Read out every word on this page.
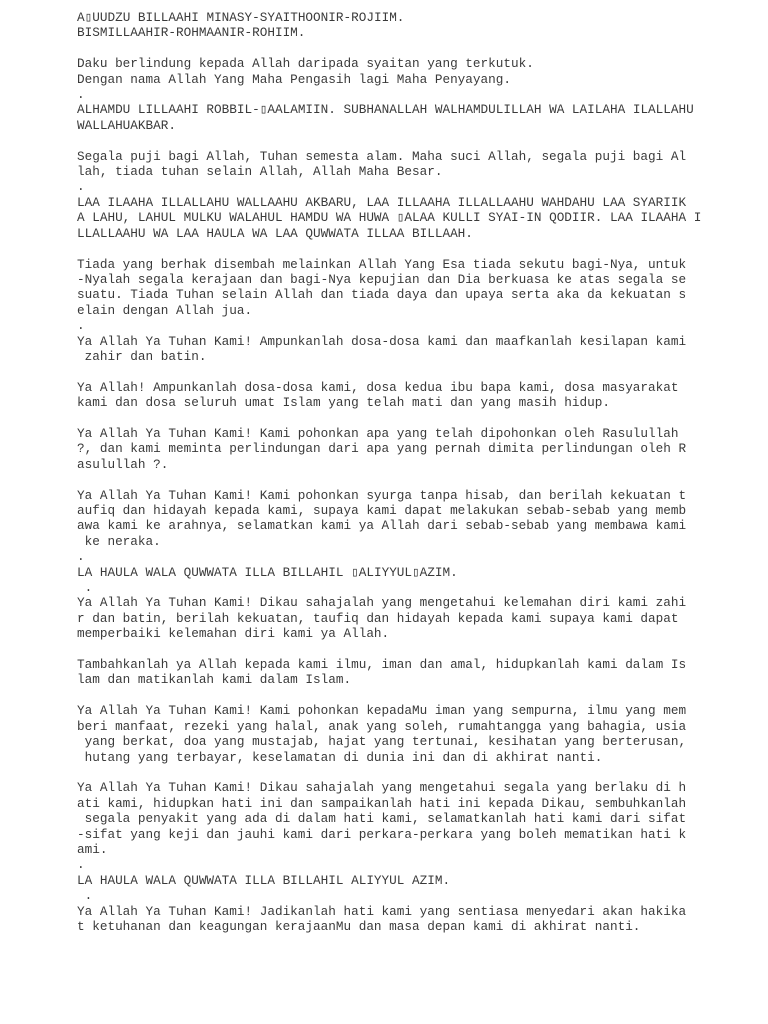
A▯UUDZU BILLAAHI MINASY-SYAITHOONIR-ROJIIM.
BISMILLAAHIR-ROHMAANIR-ROHIIM.
Daku berlindung kepada Allah daripada syaitan yang terkutuk.
Dengan nama Allah Yang Maha Pengasih lagi Maha Penyayang.
.
ALHAMDU LILLAAHI ROBBIL-▯AALAMIIN. SUBHANALLAH WALHAMDULILLAH WA LAILAHA ILALLAHU
WALLAHUAKBAR.
Segala puji bagi Allah, Tuhan semesta alam. Maha suci Allah, segala puji bagi Al
lah, tiada tuhan selain Allah, Allah Maha Besar.
.
LAA ILAAHA ILLALLAHU WALLAAHU AKBARU, LAA ILLAAHA ILLALLAAHU WAHDAHU LAA SYARIIK
A LAHU, LAHUL MULKU WALAHUL HAMDU WA HUWA ▯ALAA KULLI SYAI-IN QODIIR. LAA ILAAHA I
LLALLAAHU WA LAA HAULA WA LAA QUWWATA ILLAA BILLAAH.
Tiada yang berhak disembah melainkan Allah Yang Esa tiada sekutu bagi-Nya, untuk
-Nyalah segala kerajaan dan bagi-Nya kepujian dan Dia berkuasa ke atas segala se
suatu. Tiada Tuhan selain Allah dan tiada daya dan upaya serta aka da kekuatan s
elain dengan Allah jua.
.
Ya Allah Ya Tuhan Kami! Ampunkanlah dosa-dosa kami dan maafkanlah kesilapan kami
zahir dan batin.
Ya Allah! Ampunkanlah dosa-dosa kami, dosa kedua ibu bapa kami, dosa masyarakat
kami dan dosa seluruh umat Islam yang telah mati dan yang masih hidup.
Ya Allah Ya Tuhan Kami! Kami pohonkan apa yang telah dipohonkan oleh Rasulullah
?, dan kami meminta perlindungan dari apa yang pernah dimita perlindungan oleh R
asulullah ?.
Ya Allah Ya Tuhan Kami! Kami pohonkan syurga tanpa hisab, dan berilah kekuatan t
aufiq dan hidayah kepada kami, supaya kami dapat melakukan sebab-sebab yang memb
awa kami ke arahnya, selamatkan kami ya Allah dari sebab-sebab yang membawa kami
ke neraka.
.
LA HAULA WALA QUWWATA ILLA BILLAHIL ▯ALIYYUL▯AZIM.
.
Ya Allah Ya Tuhan Kami! Dikau sahajalah yang mengetahui kelemahan diri kami zahi
r dan batin, berilah kekuatan, taufiq dan hidayah kepada kami supaya kami dapat
memperbaiki kelemahan diri kami ya Allah.
Tambahkanlah ya Allah kepada kami ilmu, iman dan amal, hidupkanlah kami dalam Is
lam dan matikanlah kami dalam Islam.
Ya Allah Ya Tuhan Kami! Kami pohonkan kepadaMu iman yang sempurna, ilmu yang mem
beri manfaat, rezeki yang halal, anak yang soleh, rumahtangga yang bahagia, usia
yang berkat, doa yang mustajab, hajat yang tertunai, kesihatan yang berterusan,
hutang yang terbayar, keselamatan di dunia ini dan di akhirat nanti.
Ya Allah Ya Tuhan Kami! Dikau sahajalah yang mengetahui segala yang berlaku di h
ati kami, hidupkan hati ini dan sampaikanlah hati ini kepada Dikau, sembuhkanlah
segala penyakit yang ada di dalam hati kami, selamatkanlah hati kami dari sifat
-sifat yang keji dan jauhi kami dari perkara-perkara yang boleh mematikan hati k
ami.
.
LA HAULA WALA QUWWATA ILLA BILLAHIL ALIYYUL AZIM.
.
Ya Allah Ya Tuhan Kami! Jadikanlah hati kami yang sentiasa menyedari akan hakika
t ketuhanan dan keagungan kerajaanMu dan masa depan kami di akhirat nanti.
